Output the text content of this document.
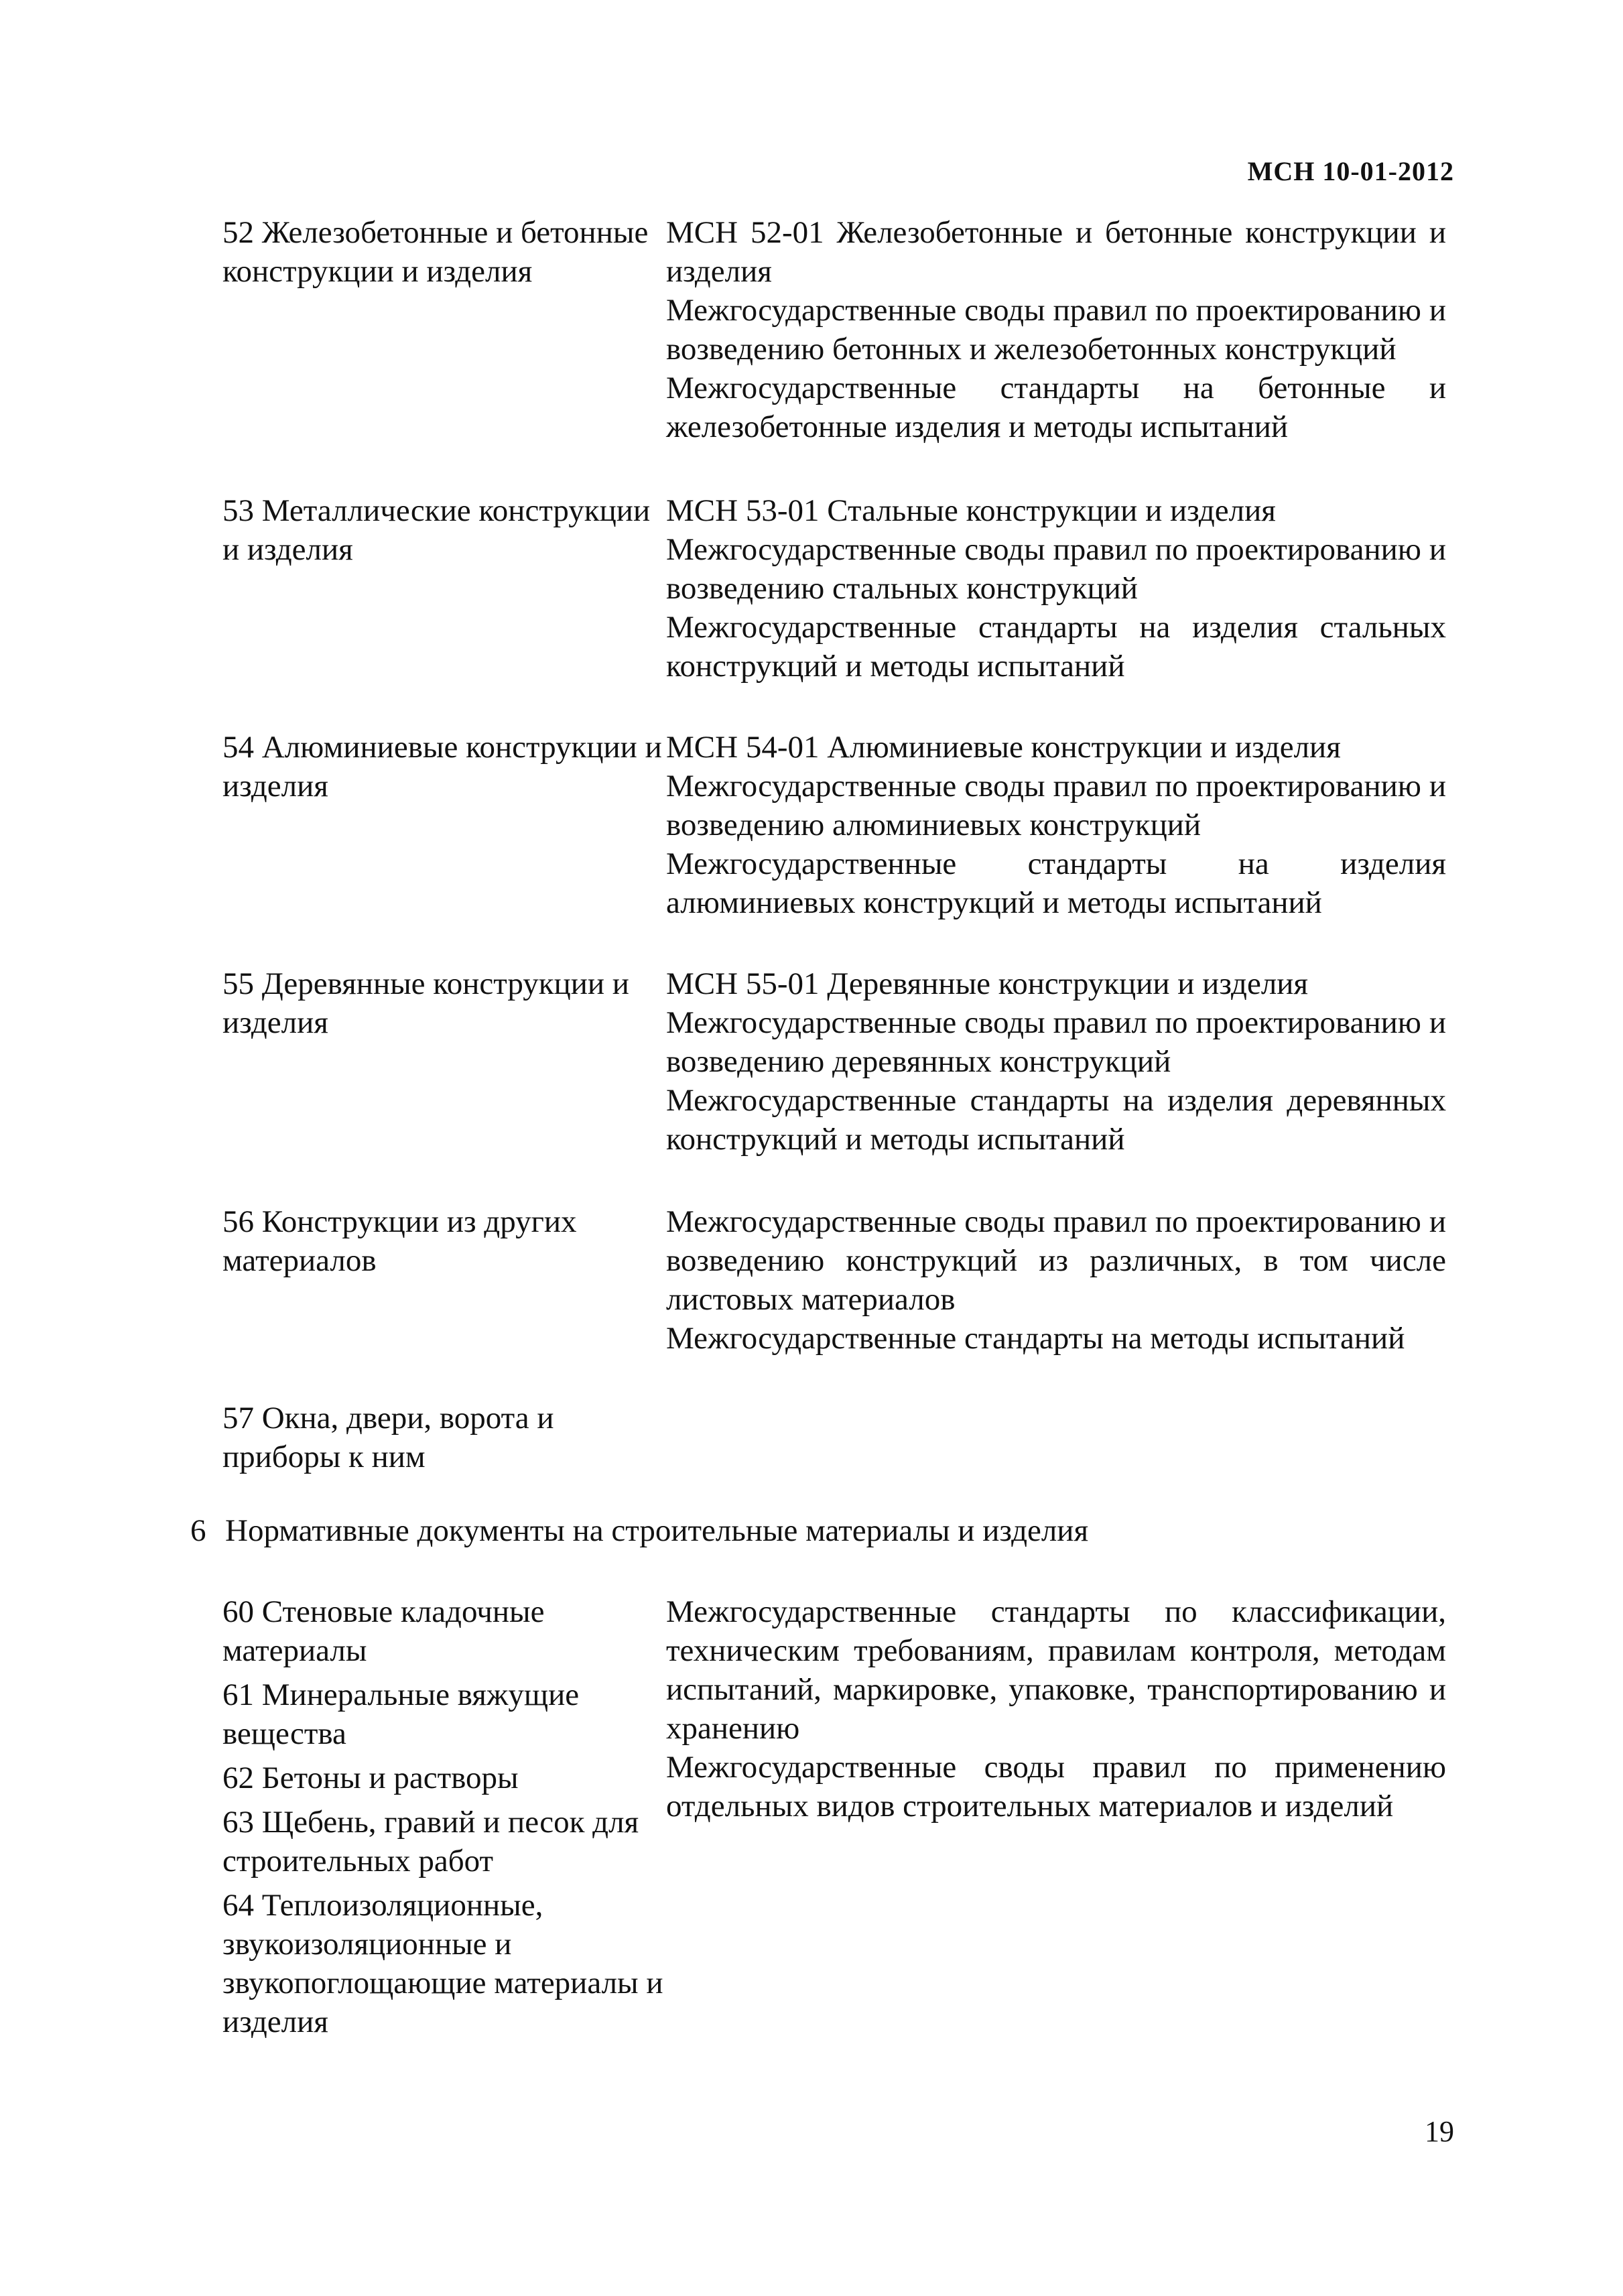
МСН 10-01-2012
52 Железобетонные и бетонные конструкции и изделия
МСН 52-01 Железобетонные и бетонные конструкции и изделия
Межгосударственные своды правил по проектированию и возведению бетонных и железобетонных конструкций
Межгосударственные стандарты на бетонные и железобетонные изделия и методы испытаний
53 Металлические конструкции и изделия
МСН 53-01 Стальные конструкции и изделия
Межгосударственные своды правил по проектированию и возведению стальных конструкций
Межгосударственные стандарты на изделия стальных конструкций и методы испытаний
54 Алюминиевые конструкции и изделия
МСН 54-01 Алюминиевые конструкции и изделия
Межгосударственные своды правил по проектированию и возведению алюминиевых конструкций
Межгосударственные стандарты на изделия алюминиевых конструкций и методы испытаний
55 Деревянные конструкции и изделия
МСН 55-01 Деревянные конструкции и изделия
Межгосударственные своды правил по проектированию и возведению деревянных конструкций
Межгосударственные стандарты на изделия деревянных конструкций и методы испытаний
56 Конструкции из других материалов
Межгосударственные своды правил по проектированию и возведению конструкций из различных, в том числе листовых материалов
Межгосударственные стандарты на методы испытаний
57 Окна, двери, ворота и приборы к ним
6 Нормативные документы на строительные материалы и изделия
60 Стеновые кладочные материалы
61 Минеральные вяжущие вещества
62 Бетоны и растворы
63 Щебень, гравий и песок для строительных работ
64 Теплоизоляционные, звукоизоляционные и звукопоглощающие материалы и изделия
Межгосударственные стандарты по классификации, техническим требованиям, правилам контроля, методам испытаний, маркировке, упаковке, транспортированию и хранению
Межгосударственные своды правил по применению отдельных видов строительных материалов и изделий
19
